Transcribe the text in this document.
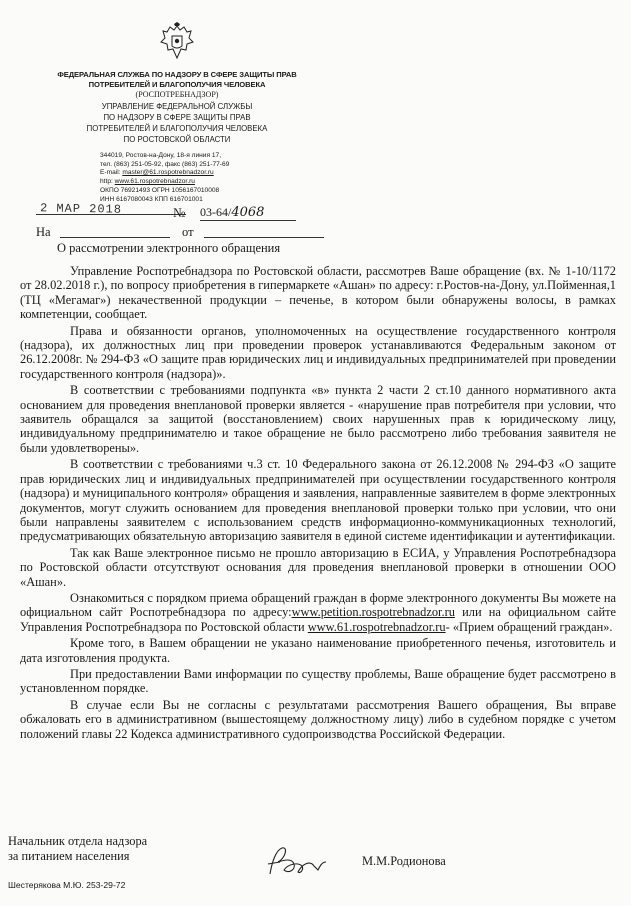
ФЕДЕРАЛЬНАЯ СЛУЖБА ПО НАДЗОРУ В СФЕРЕ ЗАЩИТЫ ПРАВ
ПОТРЕБИТЕЛЕЙ И БЛАГОПОЛУЧИЯ ЧЕЛОВЕКА
(РОСПОТРЕБНАДЗОР)
УПРАВЛЕНИЕ ФЕДЕРАЛЬНОЙ СЛУЖБЫ
ПО НАДЗОРУ В СФЕРЕ ЗАЩИТЫ ПРАВ
ПОТРЕБИТЕЛЕЙ И БЛАГОПОЛУЧИЯ ЧЕЛОВЕКА
ПО РОСТОВСКОЙ ОБЛАСТИ
344019, Ростов-на-Дону, 18-я линия 17,
тел. (863) 251-05-92, факс (863) 251-77-69
E-mail: master@61.rospotrebnadzor.ru
http: www.61.rospotrebnadzor.ru
ОКПО 76921493 ОГРН 1056167010008
ИНН 6167080043 КПП 616701001
2 МАР 2018	№ 03-64/4068
На	от
О рассмотрении электронного обращения

Управление Роспотребнадзора по Ростовской области, рассмотрев Ваше обращение (вх. № 1-10/1172 от 28.02.2018 г.), по вопросу приобретения в гипермаркете «Ашан» по адресу: г.Ростов-на-Дону, ул.Пойменная,1 (ТЦ «Мегамаг») некачественной продукции – печенье, в котором были обнаружены волосы, в рамках компетенции, сообщает.

Права и обязанности органов, уполномоченных на осуществление государственного контроля (надзора), их должностных лиц при проведении проверок устанавливаются Федеральным законом от 26.12.2008г. № 294-ФЗ «О защите прав юридических лиц и индивидуальных предпринимателей при проведении государственного контроля (надзора)».

В соответствии с требованиями подпункта «в» пункта 2 части 2 ст.10 данного нормативного акта основанием для проведения внеплановой проверки является - «нарушение прав потребителя при условии, что заявитель обращался за защитой (восстановлением) своих нарушенных прав к юридическому лицу, индивидуальному предпринимателю и такое обращение не было рассмотрено либо требования заявителя не были удовлетворены».

В соответствии с требованиями ч.3 ст. 10 Федерального закона от 26.12.2008 № 294-ФЗ «О защите прав юридических лиц и индивидуальных предпринимателей при осуществлении государственного контроля (надзора) и муниципального контроля» обращения и заявления, направленные заявителем в форме электронных документов, могут служить основанием для проведения внеплановой проверки только при условии, что они были направлены заявителем с использованием средств информационно-коммуникационных технологий, предусматривающих обязательную авторизацию заявителя в единой системе идентификации и аутентификации.

Так как Ваше электронное письмо не прошло авторизацию в ЕСИА, у Управления Роспотребнадзора по Ростовской области отсутствуют основания для проведения внеплановой проверки в отношении ООО «Ашан».

Ознакомиться с порядком приема обращений граждан в форме электронного документы Вы можете на официальном сайт Роспотребнадзора по адресу:www.petition.rospotrebnadzor.ru или на официальном сайте Управления Роспотребнадзора по Ростовской области www.61.rospotrebnadzor.ru- «Прием обращений граждан».

Кроме того, в Вашем обращении не указано наименование приобретенного печенья, изготовитель и дата изготовления продукта.

При предоставлении Вами информации по существу проблемы, Ваше обращение будет рассмотрено в установленном порядке.

В случае если Вы не согласны с результатами рассмотрения Вашего обращения, Вы вправе обжаловать его в административном (вышестоящему должностному лицу) либо в судебном порядке с учетом положений главы 22 Кодекса административного судопроизводства Российской Федерации.

Начальник отдела надзора
за питанием населения	М.М.Родионова
Шестерякова М.Ю. 253-29-72
